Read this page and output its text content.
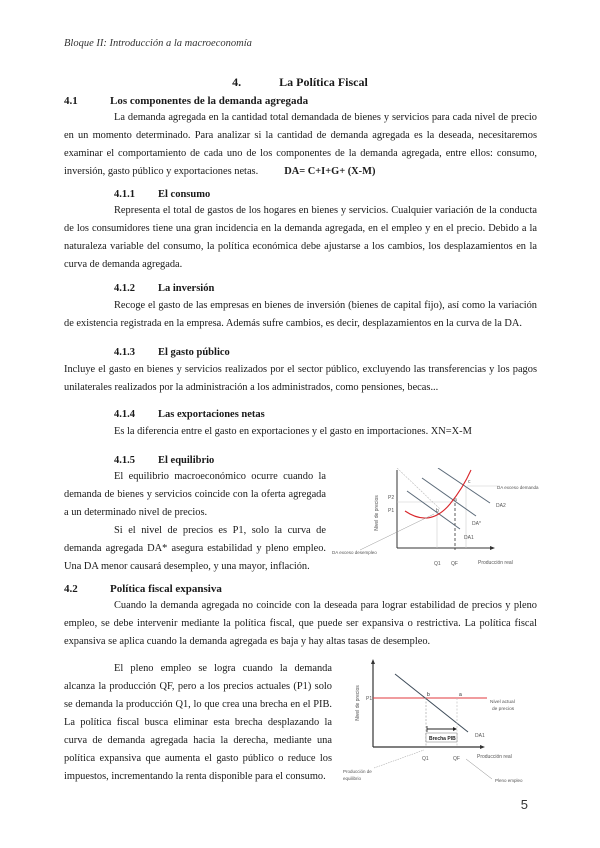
Bloque II: Introducción a la macroeconomía
4.	La Política Fiscal
4.1	Los componentes de la demanda agregada
La demanda agregada en la cantidad total demandada de bienes y servicios para cada nivel de precio en un momento determinado. Para analizar si la cantidad de demanda agregada es la deseada, necesitaremos examinar el comportamiento de cada uno de los componentes de la demanda agregada, entre ellos: consumo, inversión, gasto público y exportaciones netas.	DA= C+I+G+ (X-M)
4.1.1 El consumo
Representa el total de gastos de los hogares en bienes y servicios. Cualquier variación de la conducta de los consumidores tiene una gran incidencia en la demanda agregada, en el empleo y en el precio. Debido a la naturaleza variable del consumo, la política económica debe ajustarse a los cambios, los desplazamientos en la curva de demanda agregada.
4.1.2 La inversión
Recoge el gasto de las empresas en bienes de inversión (bienes de capital fijo), así como la variación de existencia registrada en la empresa. Además sufre cambios, es decir, desplazamientos en la curva de la DA.
4.1.3 El gasto público
Incluye el gasto en bienes y servicios realizados por el sector público, excluyendo las transferencias y los pagos unilaterales realizados por la administración a los administrados, como pensiones, becas...
4.1.4 Las exportaciones netas
Es la diferencia entre el gasto en exportaciones y el gasto en importaciones. XN=X-M
4.1.5 El equilibrio
El equilibrio macroeconómico ocurre cuando la demanda de bienes y servicios coincide con la oferta agregada a un determinado nivel de precios.
Si el nivel de precios es P1, solo la curva de demanda agregada DA* asegura estabilidad y pleno empleo. Una DA menor causará desempleo, y una mayor, inflación.
Nivel de precios
Producción real
P2
P1	b
a
c
DA exceso demanda
DA2
DA*
DA1
DA exceso desempleo
Q1 QF
4.2	Política fiscal expansiva
Cuando la demanda agregada no coincide con la deseada para lograr estabilidad de precios y pleno empleo, se debe intervenir mediante la política fiscal, que puede ser expansiva o restrictiva. La política fiscal expansiva se aplica cuando la demanda agregada es baja y hay altas tasas de desempleo.
El pleno empleo se logra cuando la demanda alcanza la producción QF, pero a los precios actuales (P1) solo se demanda la producción Q1, lo que crea una brecha en el PIB. La política fiscal busca eliminar esta brecha desplazando la curva de demanda agregada hacia la derecha, mediante una política expansiva que aumenta el gasto público o reduce los impuestos, incrementando la renta disponible para el consumo.
Nivel de precios
Producción real
P1
DA1
Brecha PIB
b	a
Nivel actual
de precios
Q1	QF
Producción de
equilibrio	Pleno empleo
5
